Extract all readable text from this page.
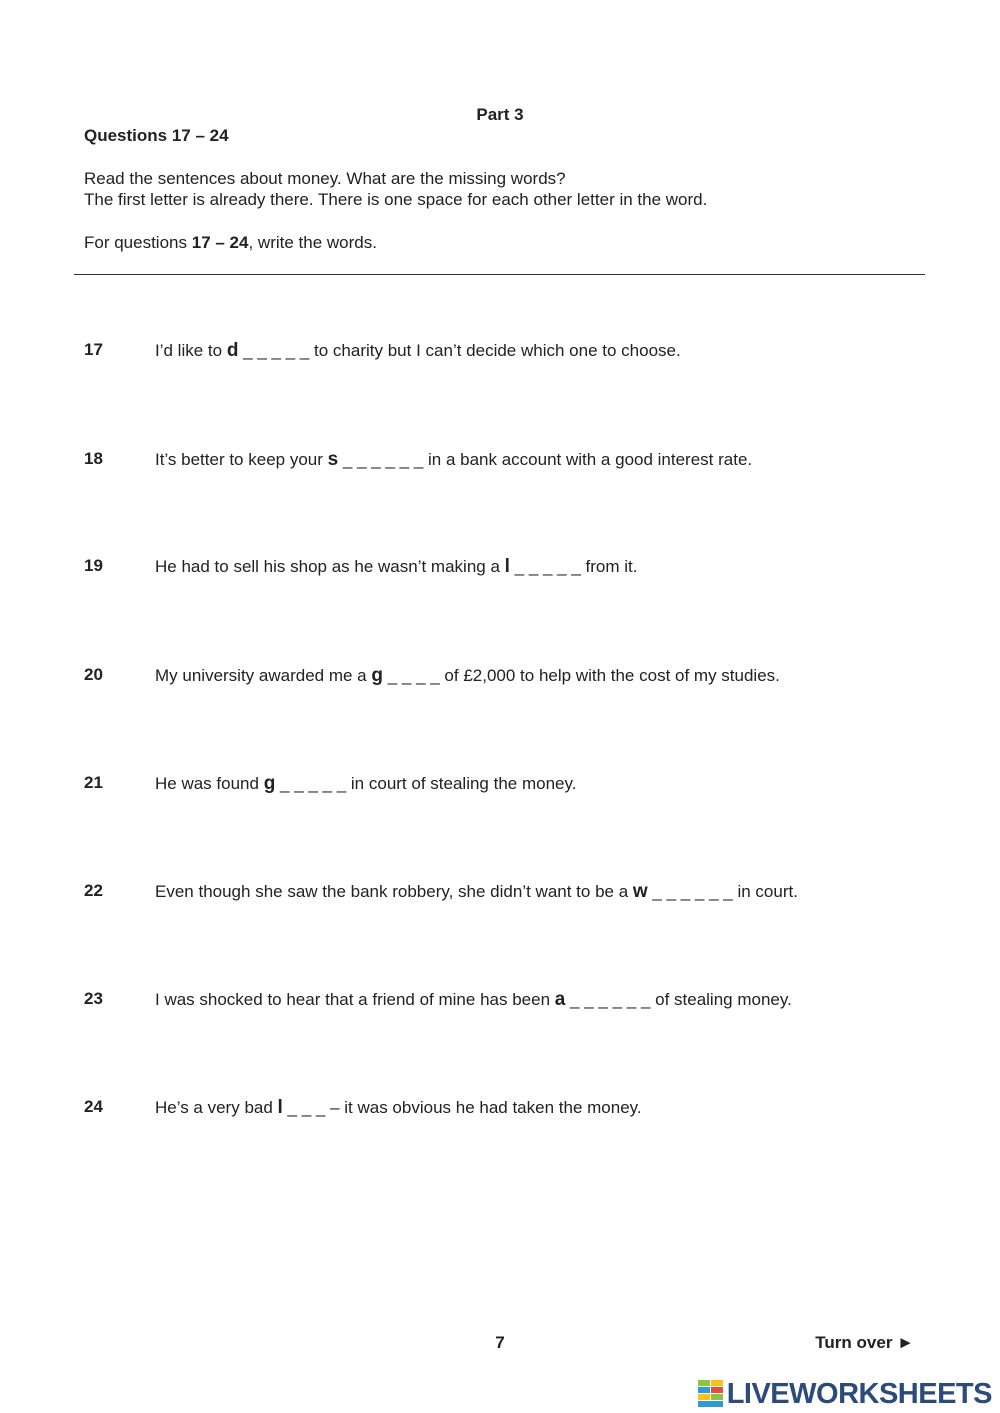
Part 3
Questions 17 – 24
Read the sentences about money. What are the missing words?
The first letter is already there. There is one space for each other letter in the word.
For questions 17 – 24, write the words.
17	I’d like to d _ _ _ _ _ to charity but I can’t decide which one to choose.
18	It’s better to keep your s _ _ _ _ _ _ in a bank account with a good interest rate.
19	He had to sell his shop as he wasn’t making a l _ _ _ _ _ from it.
20	My university awarded me a g _ _ _ _ of £2,000 to help with the cost of my studies.
21	He was found g _ _ _ _ _ in court of stealing the money.
22	Even though she saw the bank robbery, she didn’t want to be a w _ _ _ _ _ _ in court.
23	I was shocked to hear that a friend of mine has been a _ _ _ _ _ _ of stealing money.
24	He’s a very bad l _ _ _ – it was obvious he had taken the money.
7	Turn over ►
LIVEWORKSHEETS
